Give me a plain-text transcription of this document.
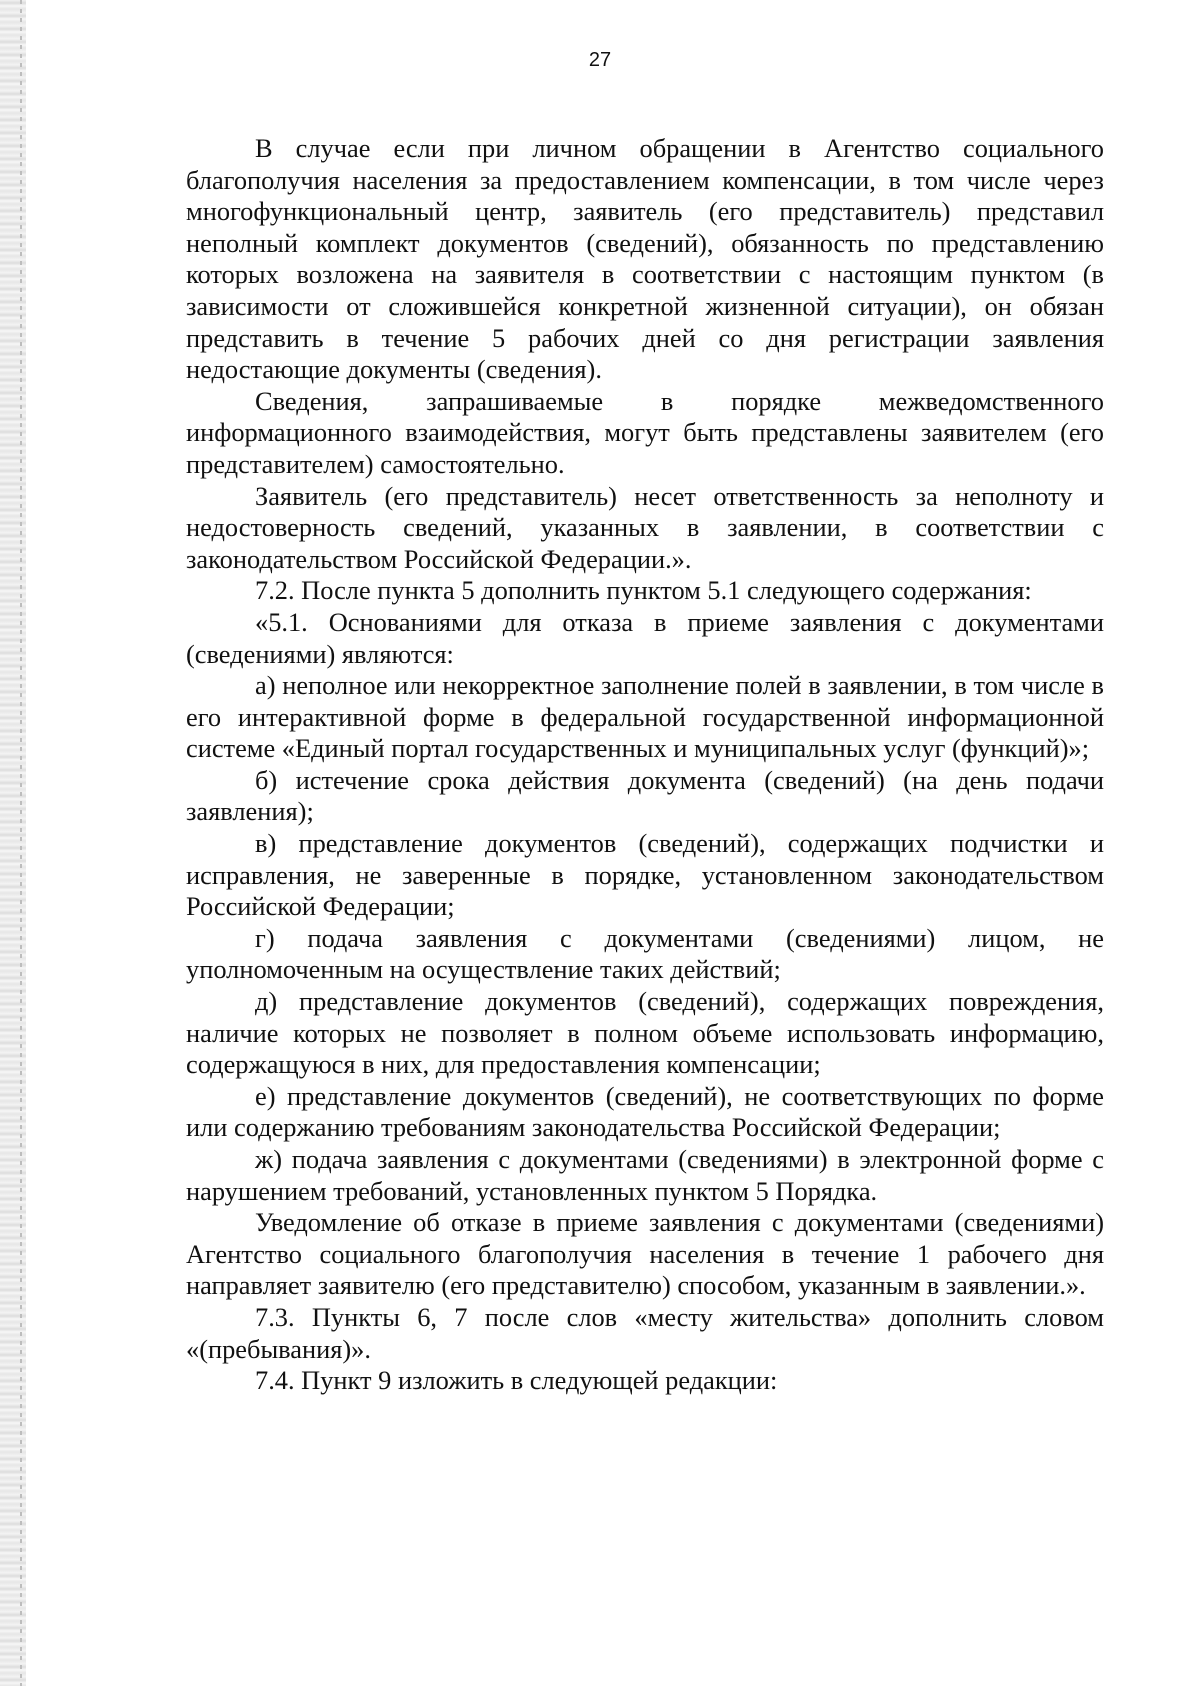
27

В случае если при личном обращении в Агентство социального благополучия населения за предоставлением компенсации, в том числе через многофункциональный центр, заявитель (его представитель) представил неполный комплект документов (сведений), обязанность по представлению которых возложена на заявителя в соответствии с настоящим пунктом (в зависимости от сложившейся конкретной жизненной ситуации), он обязан представить в течение 5 рабочих дней со дня регистрации заявления недостающие документы (сведения).

Сведения, запрашиваемые в порядке межведомственного информационного взаимодействия, могут быть представлены заявителем (его представителем) самостоятельно.

Заявитель (его представитель) несет ответственность за неполноту и недостоверность сведений, указанных в заявлении, в соответствии с законодательством Российской Федерации.».

7.2. После пункта 5 дополнить пунктом 5.1 следующего содержания:

«5.1. Основаниями для отказа в приеме заявления с документами (сведениями) являются:

а) неполное или некорректное заполнение полей в заявлении, в том числе в его интерактивной форме в федеральной государственной информационной системе «Единый портал государственных и муниципальных услуг (функций)»;

б) истечение срока действия документа (сведений) (на день подачи заявления);

в) представление документов (сведений), содержащих подчистки и исправления, не заверенные в порядке, установленном законодательством Российской Федерации;

г) подача заявления с документами (сведениями) лицом, не уполномоченным на осуществление таких действий;

д) представление документов (сведений), содержащих повреждения, наличие которых не позволяет в полном объеме использовать информацию, содержащуюся в них, для предоставления компенсации;

е) представление документов (сведений), не соответствующих по форме или содержанию требованиям законодательства Российской Федерации;

ж) подача заявления с документами (сведениями) в электронной форме с нарушением требований, установленных пунктом 5 Порядка.

Уведомление об отказе в приеме заявления с документами (сведениями) Агентство социального благополучия населения в течение 1 рабочего дня направляет заявителю (его представителю) способом, указанным в заявлении.».

7.3. Пункты 6, 7 после слов «месту жительства» дополнить словом «(пребывания)».

7.4. Пункт 9 изложить в следующей редакции:
